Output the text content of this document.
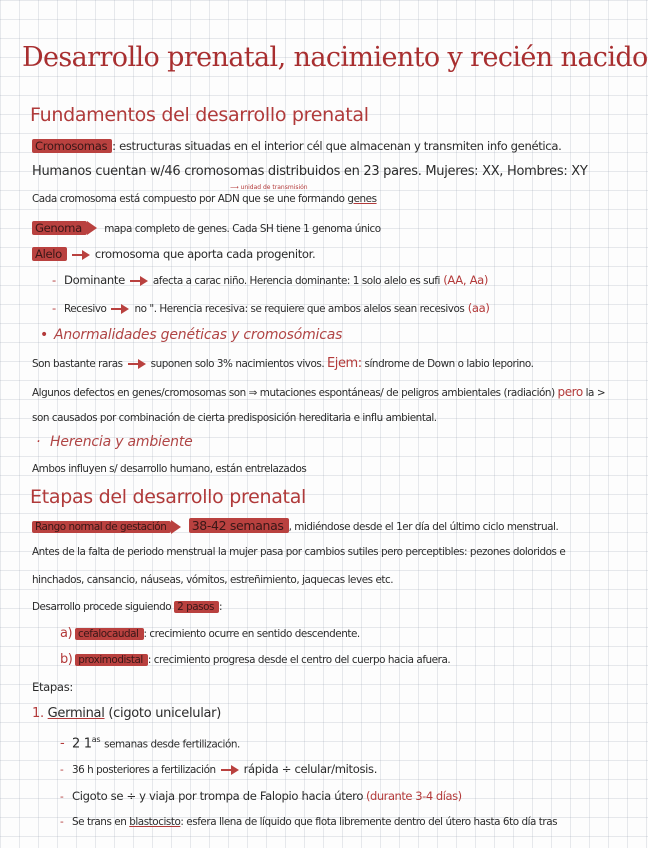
Desarrollo prenatal, nacimiento y recién nacido
Fundamentos del desarrollo prenatal
Cromosomas : estructuras situadas en el interior cél que almacenan y transmiten info genética.
Humanos cuentan w/46 cromosomas distribuidos en 23 pares. Mujeres: XX, Hombres: XY
⟶ unidad de transmisión
Cada cromosoma está compuesto por ADN que se une formando genes
Genoma mapa completo de genes. Cada SH tiene 1 genoma único
Alelo	cromosoma que aporta cada progenitor.
- Dominante	afecta a carac niño. Herencia dominante: 1 solo alelo es sufi (AA, Aa)
- Recesivo	no ". Herencia recesiva: se requiere que ambos alelos sean recesivos (aa)
• Anormalidades genéticas y cromosómicas
Son bastante raras	suponen solo 3% nacimientos vivos. Ejem: síndrome de Down o labio leporino.
Algunos defectos en genes/cromosomas son ⇒ mutaciones espontáneas/ de peligros ambientales (radiación) pero la >
son causados por combinación de cierta predisposición hereditaria e influ ambiental.
· Herencia y ambiente
Ambos influyen s/ desarrollo humano, están entrelazados
Etapas del desarrollo prenatal
Rango normal de gestación 38-42 semanas , midiéndose desde el 1er día del último ciclo menstrual.
Antes de la falta de periodo menstrual la mujer pasa por cambios sutiles pero perceptibles: pezones doloridos e
hinchados, cansancio, náuseas, vómitos, estreñimiento, jaquecas leves etc.
Desarrollo procede siguiendo 2 pasos :
a) cefalocaudal : crecimiento ocurre en sentido descendente.
b) proximodistal : crecimiento progresa desde el centro del cuerpo hacia afuera.
Etapas:
1. Germinal (cigoto unicelular)
- 2 $1^{as}$ semanas desde fertilización.
- 36 h posteriores a fertilización rápida ÷ celular/mitosis.
- Cigoto se ÷ y viaja por trompa de Falopio hacia útero (durante 3-4 días)
- Se trans en blastocisto: esfera llena de líquido que flota libremente dentro del útero hasta 6to día tras
